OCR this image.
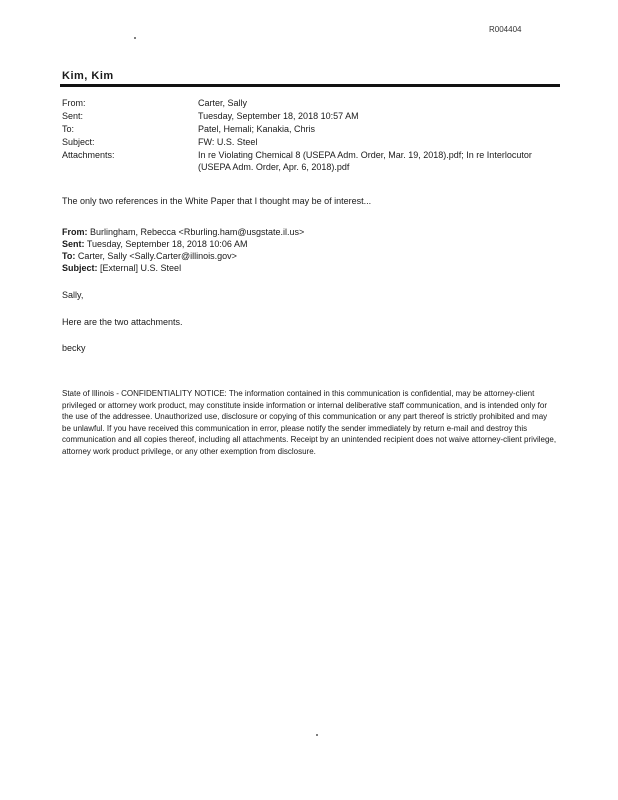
R004404
Kim, Kim
From:	Carter, Sally
Sent:	Tuesday, September 18, 2018 10:57 AM
To:	Patel, Hemali; Kanakia, Chris
Subject:	FW: U.S. Steel
Attachments:	In re Violating Chemical 8 (USEPA Adm. Order, Mar. 19, 2018).pdf; In re Interlocutor (USEPA Adm. Order, Apr. 6, 2018).pdf
The only two references in the White Paper that I thought may be of interest...
From: Burlingham, Rebecca <Rburling.ham@usgstate.il.us>
Sent: Tuesday, September 18, 2018 10:06 AM
To: Carter, Sally <Sally.Carter@illinois.gov>
Subject: [External] U.S. Steel
Sally,
Here are the two attachments.
becky
State of Illinois - CONFIDENTIALITY NOTICE: The information contained in this communication is confidential, may be attorney-client privileged or attorney work product, may constitute inside information or internal deliberative staff communication, and is intended only for the use of the addressee. Unauthorized use, disclosure or copying of this communication or any part thereof is strictly prohibited and may be unlawful. If you have received this communication in error, please notify the sender immediately by return e-mail and destroy this communication and all copies thereof, including all attachments. Receipt by an unintended recipient does not waive attorney-client privilege, attorney work product privilege, or any other exemption from disclosure.
